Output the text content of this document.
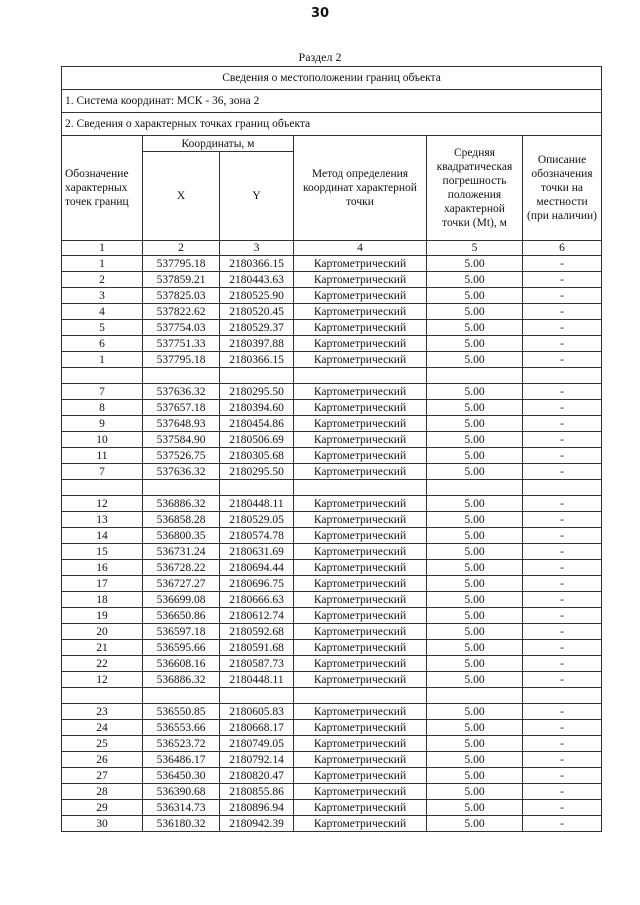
30
Раздел 2
Сведения о местоположении границ объекта					
1. Система координат: МСК - 36, зона 2					
2. Сведения о характерных точках границ объекта					
Обозначение характерных точек границ	Координаты, м		Метод определения координат характерной точки	Средняя квадратическая погрешность положения характерной точки (Mt), м	Описание обозначения точки на местности (при наличии)
	X	Y			
1	2	3	4	5	6
1	537795.18	2180366.15	Картометрический	5.00	-
2	537859.21	2180443.63	Картометрический	5.00	-
3	537825.03	2180525.90	Картометрический	5.00	-
4	537822.62	2180520.45	Картометрический	5.00	-
5	537754.03	2180529.37	Картометрический	5.00	-
6	537751.33	2180397.88	Картометрический	5.00	-
1	537795.18	2180366.15	Картометрический	5.00	-

7	537636.32	2180295.50	Картометрический	5.00	-
8	537657.18	2180394.60	Картометрический	5.00	-
9	537648.93	2180454.86	Картометрический	5.00	-
10	537584.90	2180506.69	Картометрический	5.00	-
11	537526.75	2180305.68	Картометрический	5.00	-
7	537636.32	2180295.50	Картометрический	5.00	-

12	536886.32	2180448.11	Картометрический	5.00	-
13	536858.28	2180529.05	Картометрический	5.00	-
14	536800.35	2180574.78	Картометрический	5.00	-
15	536731.24	2180631.69	Картометрический	5.00	-
16	536728.22	2180694.44	Картометрический	5.00	-
17	536727.27	2180696.75	Картометрический	5.00	-
18	536699.08	2180666.63	Картометрический	5.00	-
19	536650.86	2180612.74	Картометрический	5.00	-
20	536597.18	2180592.68	Картометрический	5.00	-
21	536595.66	2180591.68	Картометрический	5.00	-
22	536608.16	2180587.73	Картометрический	5.00	-
12	536886.32	2180448.11	Картометрический	5.00	-

23	536550.85	2180605.83	Картометрический	5.00	-
24	536553.66	2180668.17	Картометрический	5.00	-
25	536523.72	2180749.05	Картометрический	5.00	-
26	536486.17	2180792.14	Картометрический	5.00	-
27	536450.30	2180820.47	Картометрический	5.00	-
28	536390.68	2180855.86	Картометрический	5.00	-
29	536314.73	2180896.94	Картометрический	5.00	-
30	536180.32	2180942.39	Картометрический	5.00	-
